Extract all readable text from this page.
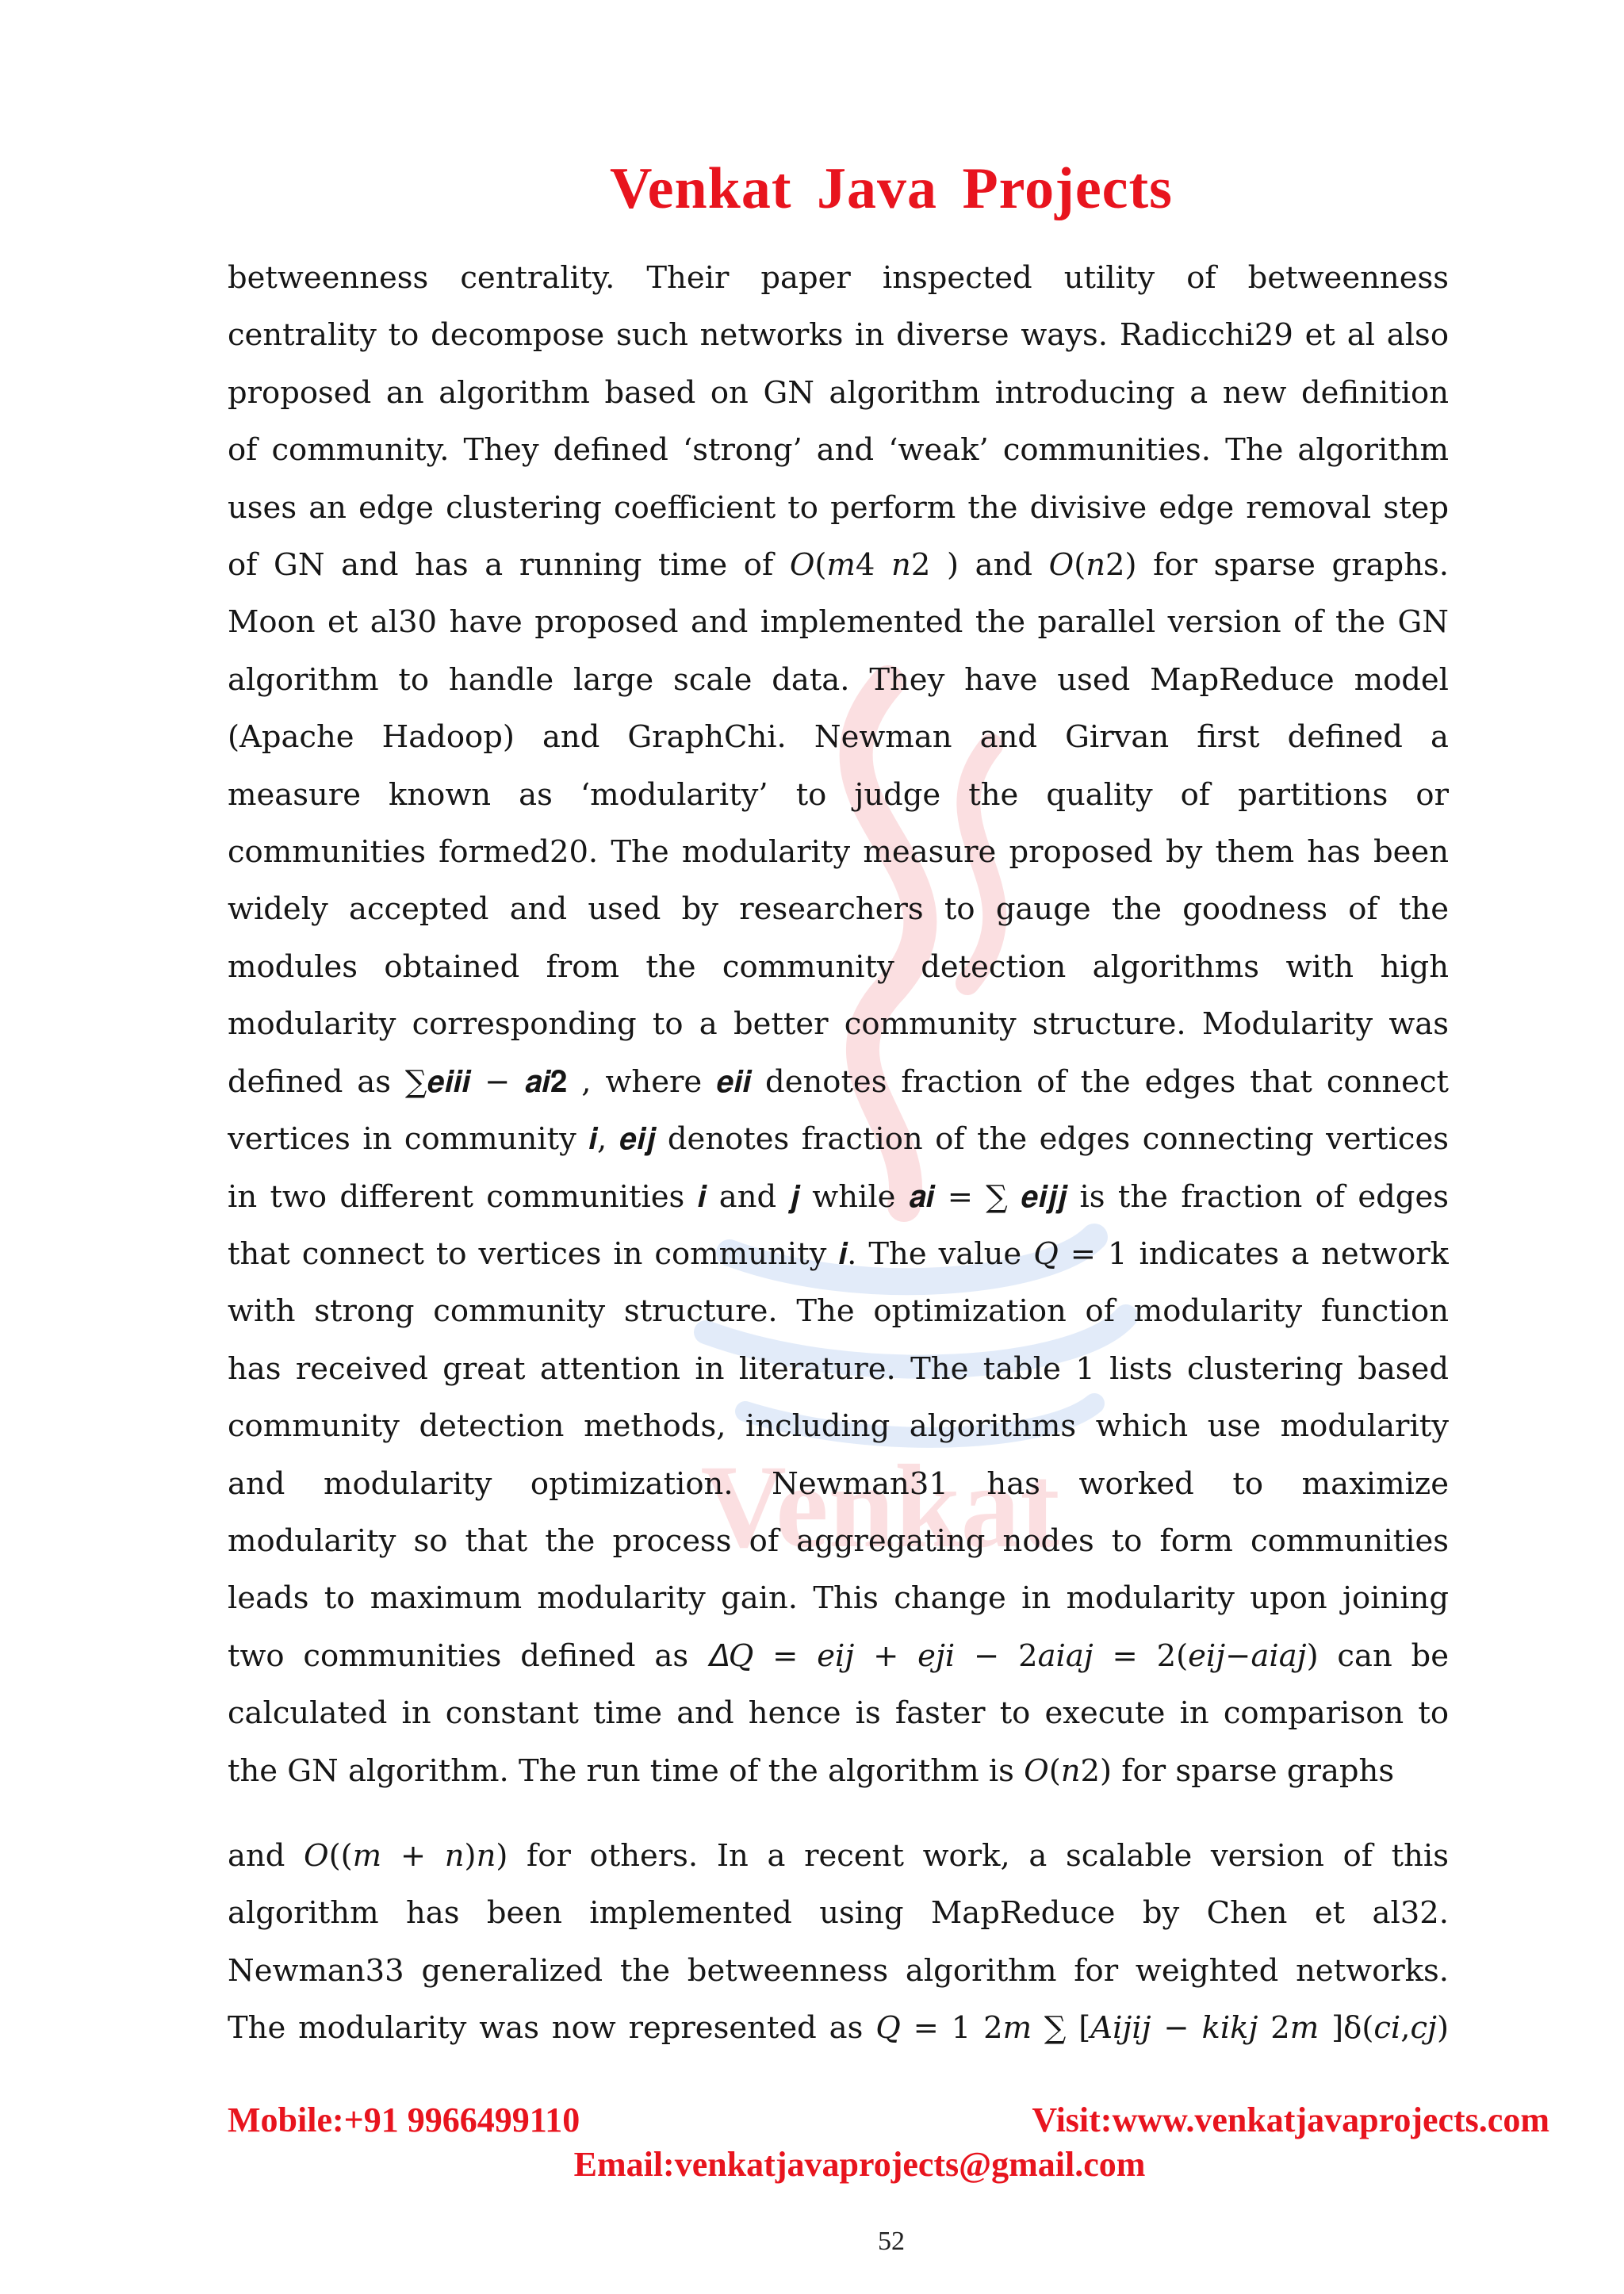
Venkat
Venkat Java Projects
betweenness centrality. Their paper inspected utility of betweenness
centrality to decompose such networks in diverse ways. Radicchi29 et al also
proposed an algorithm based on GN algorithm introducing a new definition
of community. They defined ‘strong’ and ‘weak’ communities. The algorithm
uses an edge clustering coefficient to perform the divisive edge removal step
of GN and has a running time of 𝑂(𝑚4 𝑛2 ) and 𝑂(𝑛2) for sparse graphs.
Moon et al30 have proposed and implemented the parallel version of the GN
algorithm to handle large scale data. They have used MapReduce model
(Apache Hadoop) and GraphChi. Newman and Girvan first defined a
measure known as ‘modularity’ to judge the quality of partitions or
communities formed20. The modularity measure proposed by them has been
widely accepted and used by researchers to gauge the goodness of the
modules obtained from the community detection algorithms with high
modularity corresponding to a better community structure. Modularity was
defined as ∑𝒆𝒊𝒊𝒊 − 𝒂𝒊𝟐 , where 𝒆𝒊𝒊 denotes fraction of the edges that connect
vertices in community 𝒊, 𝒆𝒊𝒋 denotes fraction of the edges connecting vertices
in two different communities 𝒊 and 𝒋 while 𝒂𝒊 = ∑ 𝒆𝒊𝒋𝒋 is the fraction of edges
that connect to vertices in community 𝒊. The value 𝑄 = 1 indicates a network
with strong community structure. The optimization of modularity function
has received great attention in literature. The table 1 lists clustering based
community detection methods, including algorithms which use modularity
and modularity optimization. Newman31 has worked to maximize
modularity so that the process of aggregating nodes to form communities
leads to maximum modularity gain. This change in modularity upon joining
two communities defined as 𝛥𝑄 = 𝑒𝑖𝑗 + 𝑒𝑗𝑖 − 2𝑎𝑖𝑎𝑗 = 2(𝑒𝑖𝑗−𝑎𝑖𝑎𝑗) can be
calculated in constant time and hence is faster to execute in comparison to
the GN algorithm. The run time of the algorithm is 𝑂(𝑛2) for sparse graphs
and 𝑂((𝑚 + 𝑛)𝑛) for others. In a recent work, a scalable version of this
algorithm has been implemented using MapReduce by Chen et al32.
Newman33 generalized the betweenness algorithm for weighted networks.
The modularity was now represented as 𝑄 = 1 2𝑚 ∑ [𝐴𝑖𝑗𝑖𝑗 − 𝑘𝑖𝑘𝑗 2𝑚 ]δ(𝑐𝑖,𝑐𝑗)
Mobile:+91 9966499110	Visit:www.venkatjavaprojects.com
Email:venkatjavaprojects@gmail.com
52
